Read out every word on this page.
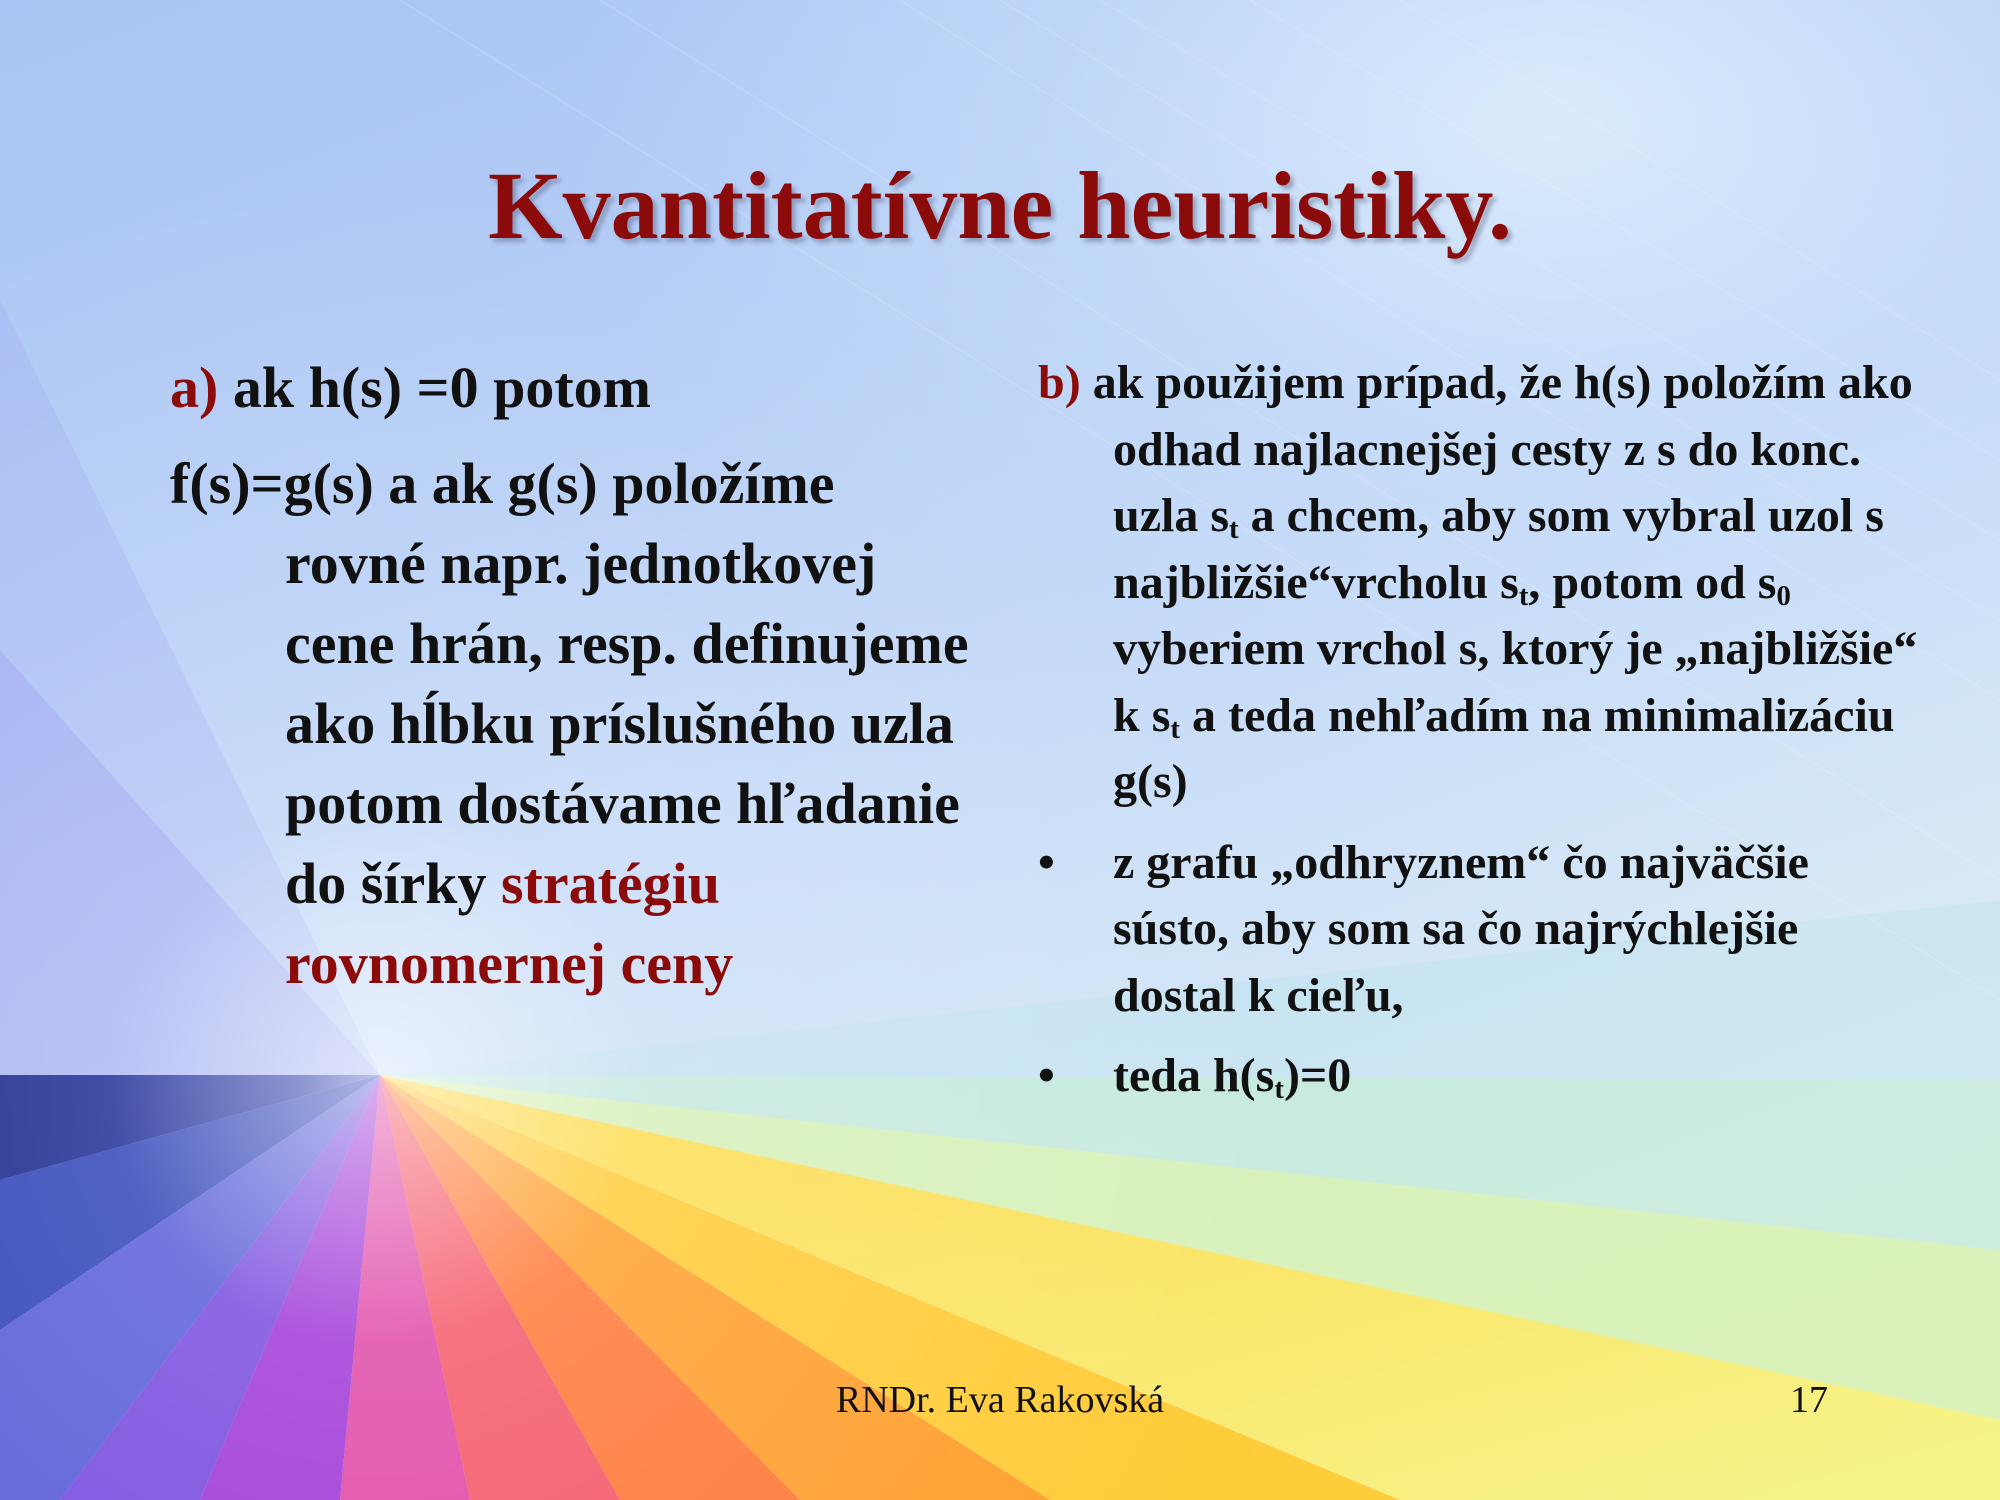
Kvantitatívne heuristiky.

a) ak h(s) =0 potom

f(s)=g(s) a ak g(s) položíme rovné napr. jednotkovej cene hrán, resp. definujeme ako hĺbku príslušného uzla potom dostávame hľadanie do šírky stratégiu rovnomernej ceny

b) ak použijem prípad, že h(s) položím ako odhad najlacnejšej cesty z s do konc. uzla $s_t$ a chcem, aby som vybral uzol s najbližšie“vrcholu $s_t$, potom od $s_0$ vyberiem vrchol s, ktorý je „najbližšie“ k $s_t$ a teda nehľadím na minimalizáciu g(s)

• z grafu „odhryznem“ čo najväčšie sústo, aby som sa čo najrýchlejšie dostal k cieľu,
• teda $h(s_t)=0$
RNDr. Eva Rakovská	17
